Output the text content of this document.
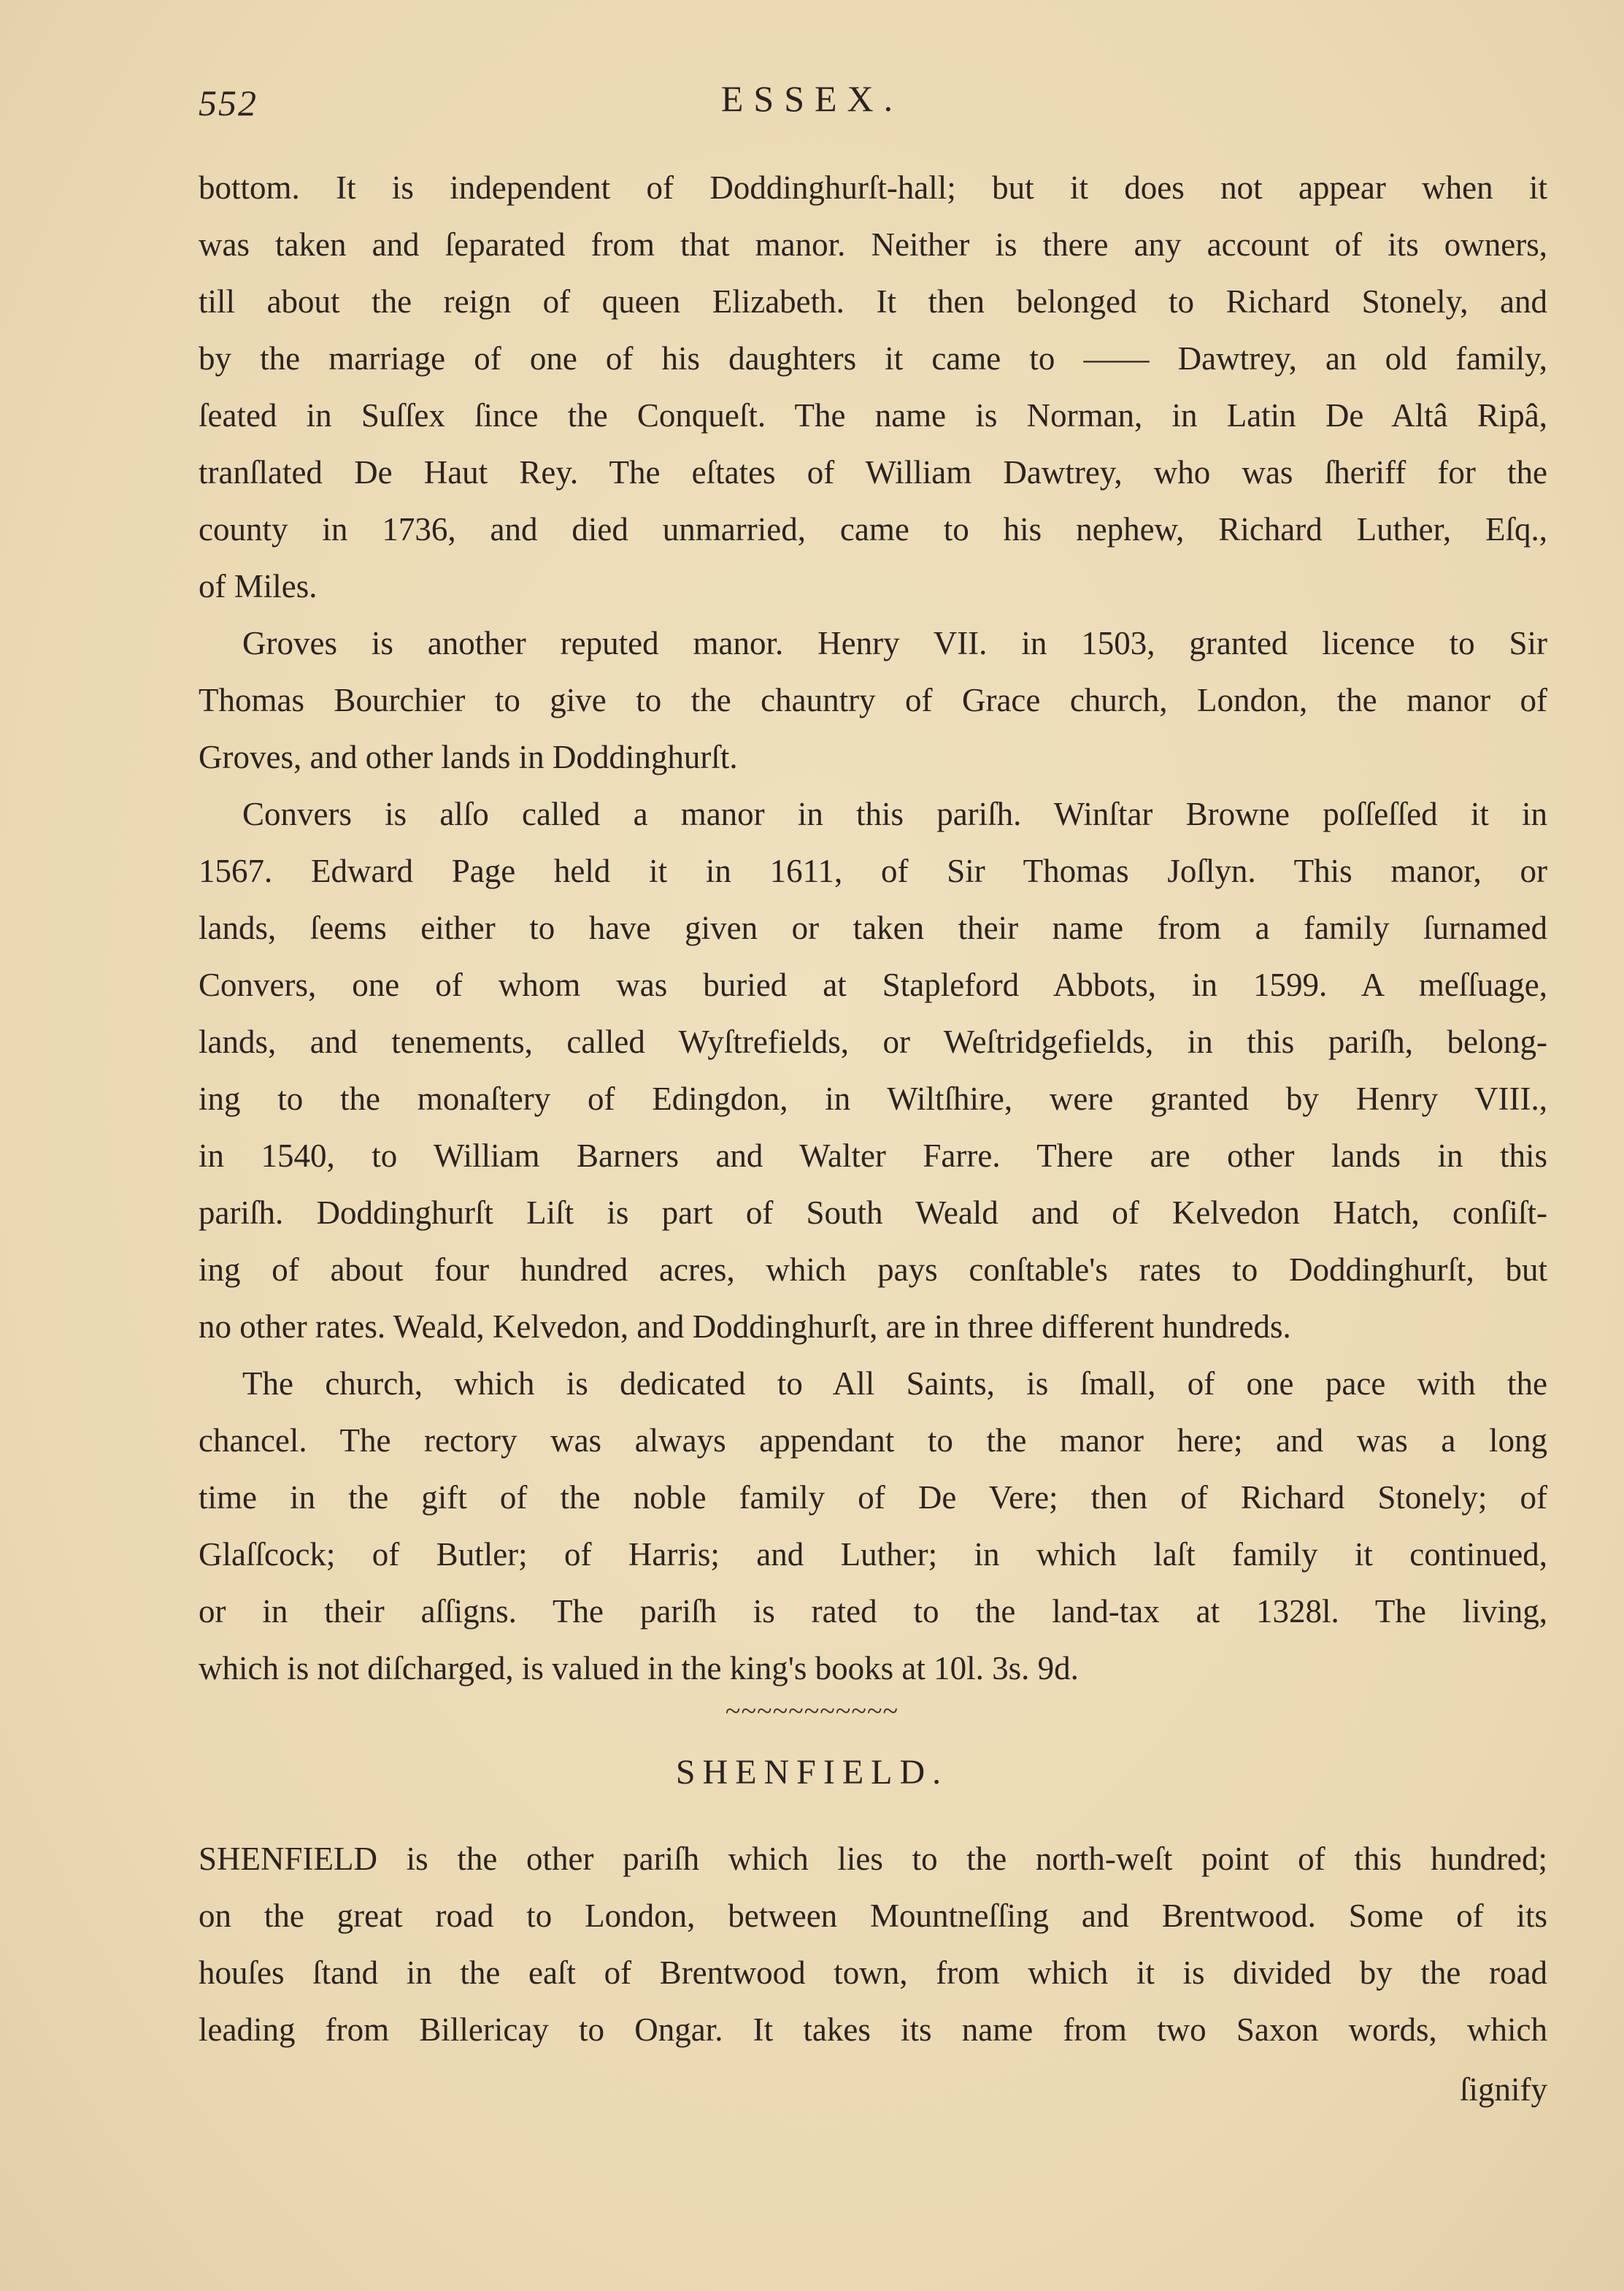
552	ESSEX.
bottom. It is independent of Doddinghurſt-hall; but it does not appear when it
was taken and ſeparated from that manor. Neither is there any account of its owners,
till about the reign of queen Elizabeth. It then belonged to Richard Stonely, and
by the marriage of one of his daughters it came to —— Dawtrey, an old family,
ſeated in Suſſex ſince the Conqueſt. The name is Norman, in Latin De Altâ Ripâ,
tranſlated De Haut Rey. The eſtates of William Dawtrey, who was ſheriff for the
county in 1736, and died unmarried, came to his nephew, Richard Luther, Eſq.,
of Miles.
Groves is another reputed manor. Henry VII. in 1503, granted licence to Sir
Thomas Bourchier to give to the chauntry of Grace church, London, the manor of
Groves, and other lands in Doddinghurſt.
Convers is alſo called a manor in this pariſh. Winſtar Browne poſſeſſed it in
1567. Edward Page held it in 1611, of Sir Thomas Joſlyn. This manor, or
lands, ſeems either to have given or taken their name from a family ſurnamed
Convers, one of whom was buried at Stapleford Abbots, in 1599. A meſſuage,
lands, and tenements, called Wyſtrefields, or Weſtridgefields, in this pariſh, belong-
ing to the monaſtery of Edingdon, in Wiltſhire, were granted by Henry VIII.,
in 1540, to William Barners and Walter Farre. There are other lands in this
pariſh. Doddinghurſt Liſt is part of South Weald and of Kelvedon Hatch, conſiſt-
ing of about four hundred acres, which pays conſtable's rates to Doddinghurſt, but
no other rates. Weald, Kelvedon, and Doddinghurſt, are in three different hundreds.
The church, which is dedicated to All Saints, is ſmall, of one pace with the
chancel. The rectory was always appendant to the manor here; and was a long
time in the gift of the noble family of De Vere; then of Richard Stonely; of
Glaſſcock; of Butler; of Harris; and Luther; in which laſt family it continued,
or in their aſſigns. The pariſh is rated to the land-tax at 1328l. The living,
which is not diſcharged, is valued in the king's books at 10l. 3s. 9d.
~~~~~~~~~~~
SHENFIELD.
SHENFIELD is the other pariſh which lies to the north-weſt point of this hundred;
on the great road to London, between Mountneſſing and Brentwood. Some of its
houſes ſtand in the eaſt of Brentwood town, from which it is divided by the road
leading from Billericay to Ongar. It takes its name from two Saxon words, which
ſignify
